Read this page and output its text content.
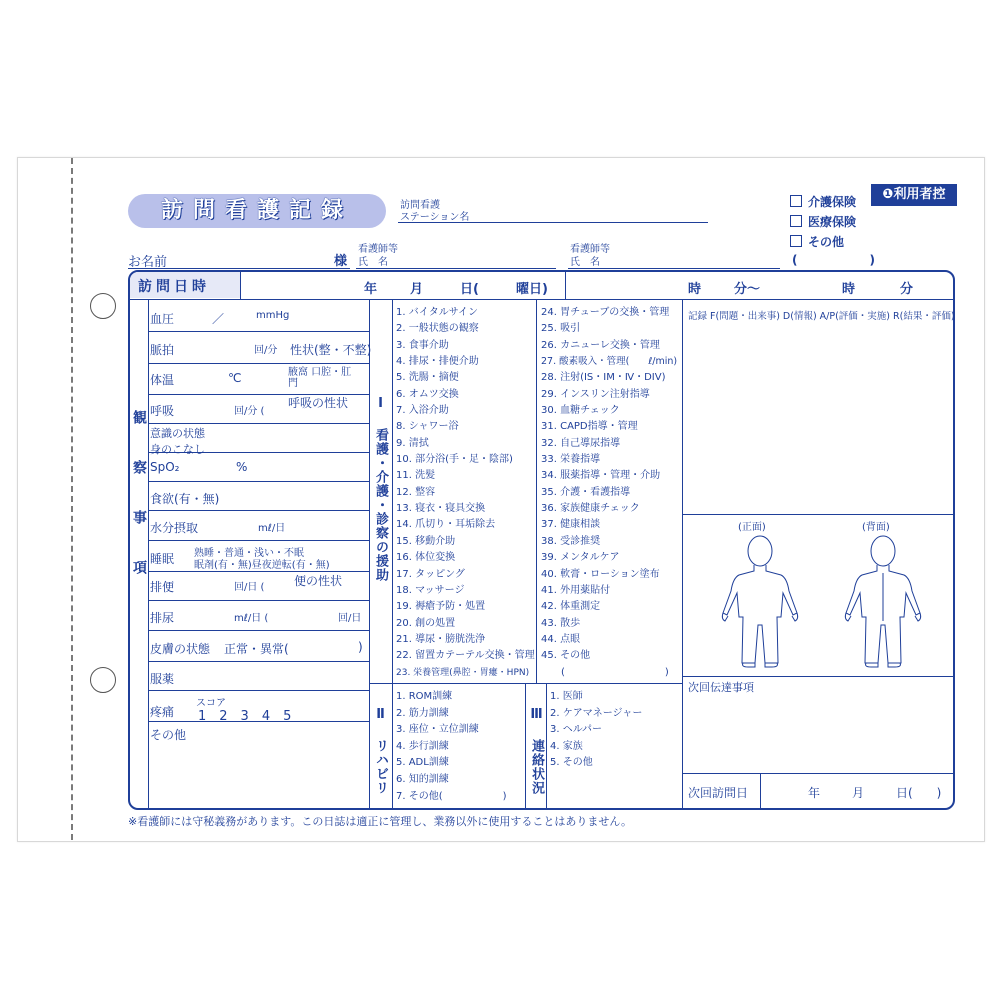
訪問看護記録	訪問看護
ステーション名
介護保険
医療保険
その他
(　　　　　　)
❶利用者控
お名前	様
看護師等
氏　名
看護師等
氏　名
訪問日時	年	月	日(	曜日)	時	分〜	時	分
観察事項
血圧	／	mmHg
脈拍	回/分 性状(整・不整)
体温	℃	腋窩 口腔・肛門
呼吸	回/分 (
呼吸の性状
意識の状態
身のこなし
SpO₂	%
食欲(有・無)
水分摂取	mℓ/日
睡眠 熟睡・普通・浅い・不眠
眠剤(有・無)昼夜逆転(有・無)
排便	回/日 ( 便の性状
排尿	mℓ/日 (	回/日
皮膚の状態 正常・異常(	)
服薬
疼痛
スコア
1　2　3　4　5
その他
Ⅰ 看護・介護・診察の援助
1. バイタルサイン
2. 一般状態の観察
3. 食事介助
4. 排尿・排便介助
5. 洗腸・摘便
6. オムツ交換
7. 入浴介助
8. シャワー浴
9. 清拭
10. 部分浴(手・足・陰部)
11. 洗髪
12. 整容
13. 寝衣・寝具交換
14. 爪切り・耳垢除去
15. 移動介助
16. 体位変換
17. タッピング
18. マッサージ
19. 褥瘡予防・処置
20. 創の処置
21. 導尿・膀胱洗浄
22. 留置カテーテル交換・管理
23. 栄養管理(鼻腔・胃瘻・HPN)
24. 胃チューブの交換・管理
25. 吸引
26. カニューレ交換・管理
27. 酸素吸入・管理(　　ℓ/min)
28. 注射(IS・IM・Ⅳ・DIV)
29. インスリン注射指導
30. 血糖チェック
31. CAPD指導・管理
32. 自己導尿指導
33. 栄養指導
34. 服薬指導・管理・介助
35. 介護・看護指導
36. 家族健康チェック
37. 健康相談
38. 受診推奨
39. メンタルケア
40. 軟膏・ローション塗布
41. 外用薬貼付
42. 体重測定
43. 散歩
44. 点眼
45. その他
(　　　　　　　　　　)
Ⅱ リハビリ
1. ROM訓練
2. 筋力訓練
3. 座位・立位訓練
4. 歩行訓練
5. ADL訓練
6. 知的訓練
7. その他(　　　　　　)
Ⅲ 連絡状況
1. 医師
2. ケアマネージャー
3. ヘルパー
4. 家族
5. その他
記録 F(問題・出来事) D(情報) A/P(評価・実施) R(結果・評価)
(正面)	(背面)
次回伝達事項
次回訪問日	年	月	日(　　)
※看護師には守秘義務があります。この日誌は適正に管理し、業務以外に使用することはありません。
